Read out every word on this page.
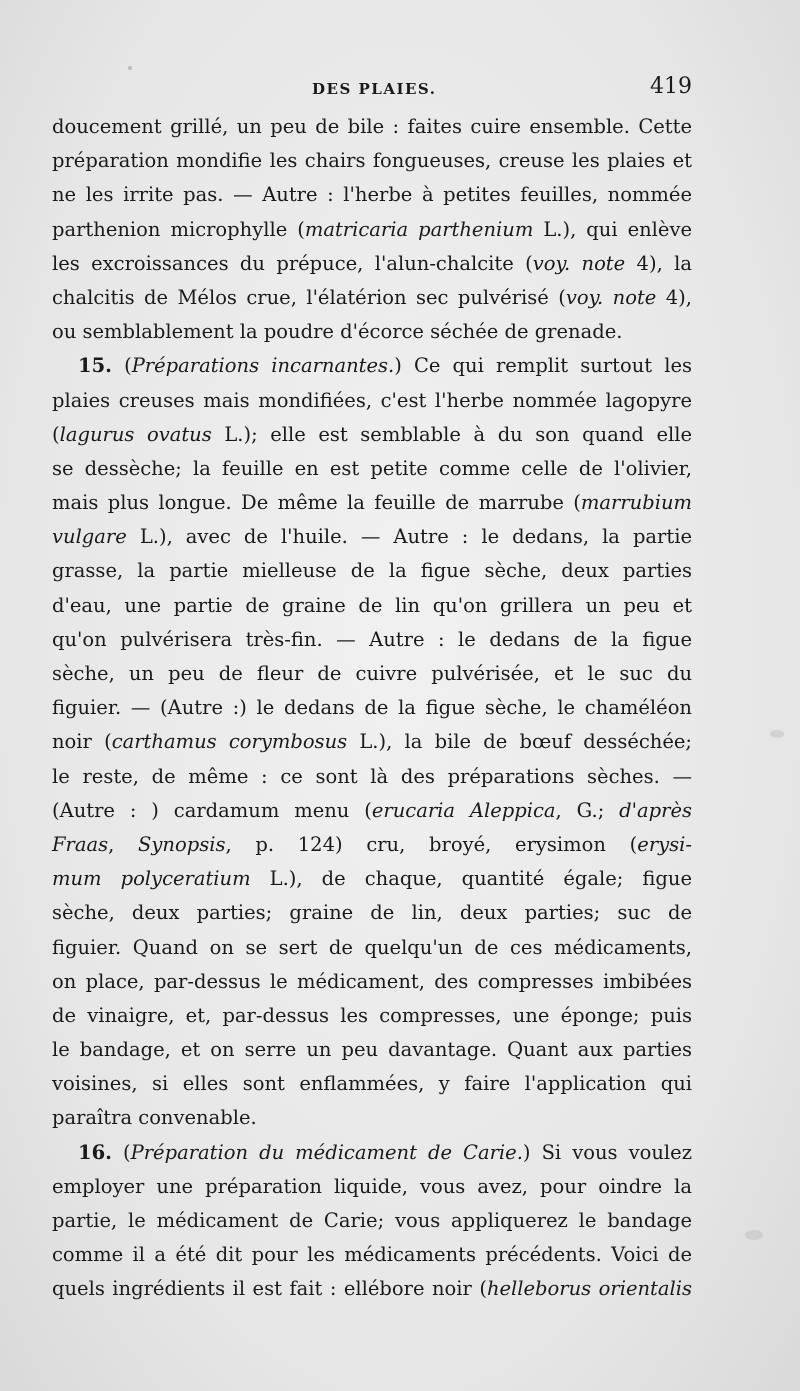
DES PLAIES.	419
doucement grillé, un peu de bile : faites cuire ensemble. Cette
préparation mondifie les chairs fongueuses, creuse les plaies et
ne les irrite pas. — Autre : l'herbe à petites feuilles, nommée
parthenion microphylle (matricaria parthenium L.), qui enlève
les excroissances du prépuce, l'alun-chalcite (voy. note 4), la
chalcitis de Mélos crue, l'élatérion sec pulvérisé (voy. note 4),
ou semblablement la poudre d'écorce séchée de grenade.
15. (Préparations incarnantes.) Ce qui remplit surtout les
plaies creuses mais mondifiées, c'est l'herbe nommée lagopyre
(lagurus ovatus L.); elle est semblable à du son quand elle
se dessèche; la feuille en est petite comme celle de l'olivier,
mais plus longue. De même la feuille de marrube (marrubium
vulgare L.), avec de l'huile. — Autre : le dedans, la partie
grasse, la partie mielleuse de la figue sèche, deux parties
d'eau, une partie de graine de lin qu'on grillera un peu et
qu'on pulvérisera très-fin. — Autre : le dedans de la figue
sèche, un peu de fleur de cuivre pulvérisée, et le suc du
figuier. — (Autre :) le dedans de la figue sèche, le chaméléon
noir (carthamus corymbosus L.), la bile de bœuf desséchée;
le reste, de même : ce sont là des préparations sèches. —
(Autre : ) cardamum menu (erucaria Aleppica, G.; d'après
Fraas, Synopsis, p. 124) cru, broyé, erysimon (erysi-
mum polyceratium L.), de chaque, quantité égale; figue
sèche, deux parties; graine de lin, deux parties; suc de
figuier. Quand on se sert de quelqu'un de ces médicaments,
on place, par-dessus le médicament, des compresses imbibées
de vinaigre, et, par-dessus les compresses, une éponge; puis
le bandage, et on serre un peu davantage. Quant aux parties
voisines, si elles sont enflammées, y faire l'application qui
paraîtra convenable.
16. (Préparation du médicament de Carie.) Si vous voulez
employer une préparation liquide, vous avez, pour oindre la
partie, le médicament de Carie; vous appliquerez le bandage
comme il a été dit pour les médicaments précédents. Voici de
quels ingrédients il est fait : ellébore noir (helleborus orientalis
